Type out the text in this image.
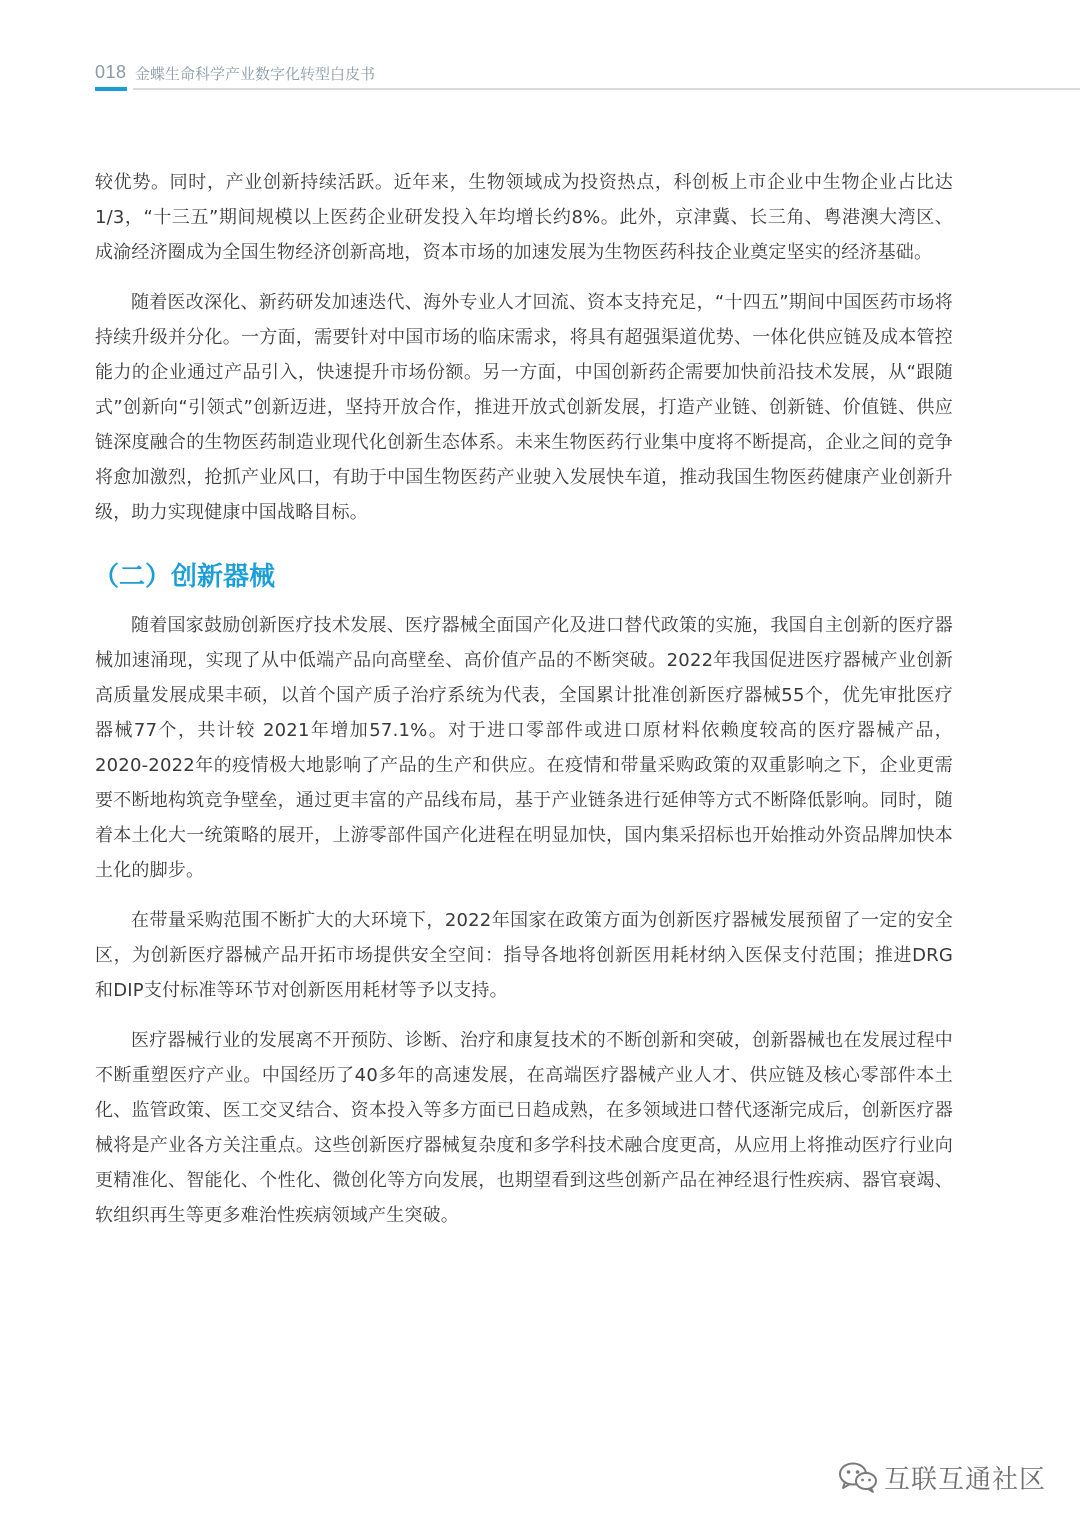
018 金蝶生命科学产业数字化转型白皮书

较优势。同时，产业创新持续活跃。近年来，生物领域成为投资热点，科创板上市企业中生物企业占比达1/3，“十三五”期间规模以上医药企业研发投入年均增长约8%。此外，京津冀、长三角、粤港澳大湾区、成渝经济圈成为全国生物经济创新高地，资本市场的加速发展为生物医药科技企业奠定坚实的经济基础。

随着医改深化、新药研发加速迭代、海外专业人才回流、资本支持充足，“十四五”期间中国医药市场将持续升级并分化。一方面，需要针对中国市场的临床需求，将具有超强渠道优势、一体化供应链及成本管控能力的企业通过产品引入，快速提升市场份额。另一方面，中国创新药企需要加快前沿技术发展，从“跟随式”创新向“引领式”创新迈进，坚持开放合作，推进开放式创新发展，打造产业链、创新链、价值链、供应链深度融合的生物医药制造业现代化创新生态体系。未来生物医药行业集中度将不断提高，企业之间的竞争将愈加激烈，抢抓产业风口，有助于中国生物医药产业驶入发展快车道，推动我国生物医药健康产业创新升级，助力实现健康中国战略目标。

（二）创新器械

随着国家鼓励创新医疗技术发展、医疗器械全面国产化及进口替代政策的实施，我国自主创新的医疗器械加速涌现，实现了从中低端产品向高壁垒、高价值产品的不断突破。2022年我国促进医疗器械产业创新高质量发展成果丰硕，以首个国产质子治疗系统为代表，全国累计批准创新医疗器械55个，优先审批医疗器械77个，共计较 2021年增加57.1%。对于进口零部件或进口原材料依赖度较高的医疗器械产品，2020-2022年的疫情极大地影响了产品的生产和供应。在疫情和带量采购政策的双重影响之下，企业更需要不断地构筑竞争壁垒，通过更丰富的产品线布局，基于产业链条进行延伸等方式不断降低影响。同时，随着本土化大一统策略的展开，上游零部件国产化进程在明显加快，国内集采招标也开始推动外资品牌加快本土化的脚步。

在带量采购范围不断扩大的大环境下，2022年国家在政策方面为创新医疗器械发展预留了一定的安全区，为创新医疗器械产品开拓市场提供安全空间：指导各地将创新医用耗材纳入医保支付范围；推进DRG 和DIP支付标准等环节对创新医用耗材等予以支持。

医疗器械行业的发展离不开预防、诊断、治疗和康复技术的不断创新和突破，创新器械也在发展过程中不断重塑医疗产业。中国经历了40多年的高速发展，在高端医疗器械产业人才、供应链及核心零部件本土化、监管政策、医工交叉结合、资本投入等多方面已日趋成熟，在多领域进口替代逐渐完成后，创新医疗器械将是产业各方关注重点。这些创新医疗器械复杂度和多学科技术融合度更高，从应用上将推动医疗行业向更精准化、智能化、个性化、微创化等方向发展，也期望看到这些创新产品在神经退行性疾病、器官衰竭、软组织再生等更多难治性疾病领域产生突破。

互联互通社区
